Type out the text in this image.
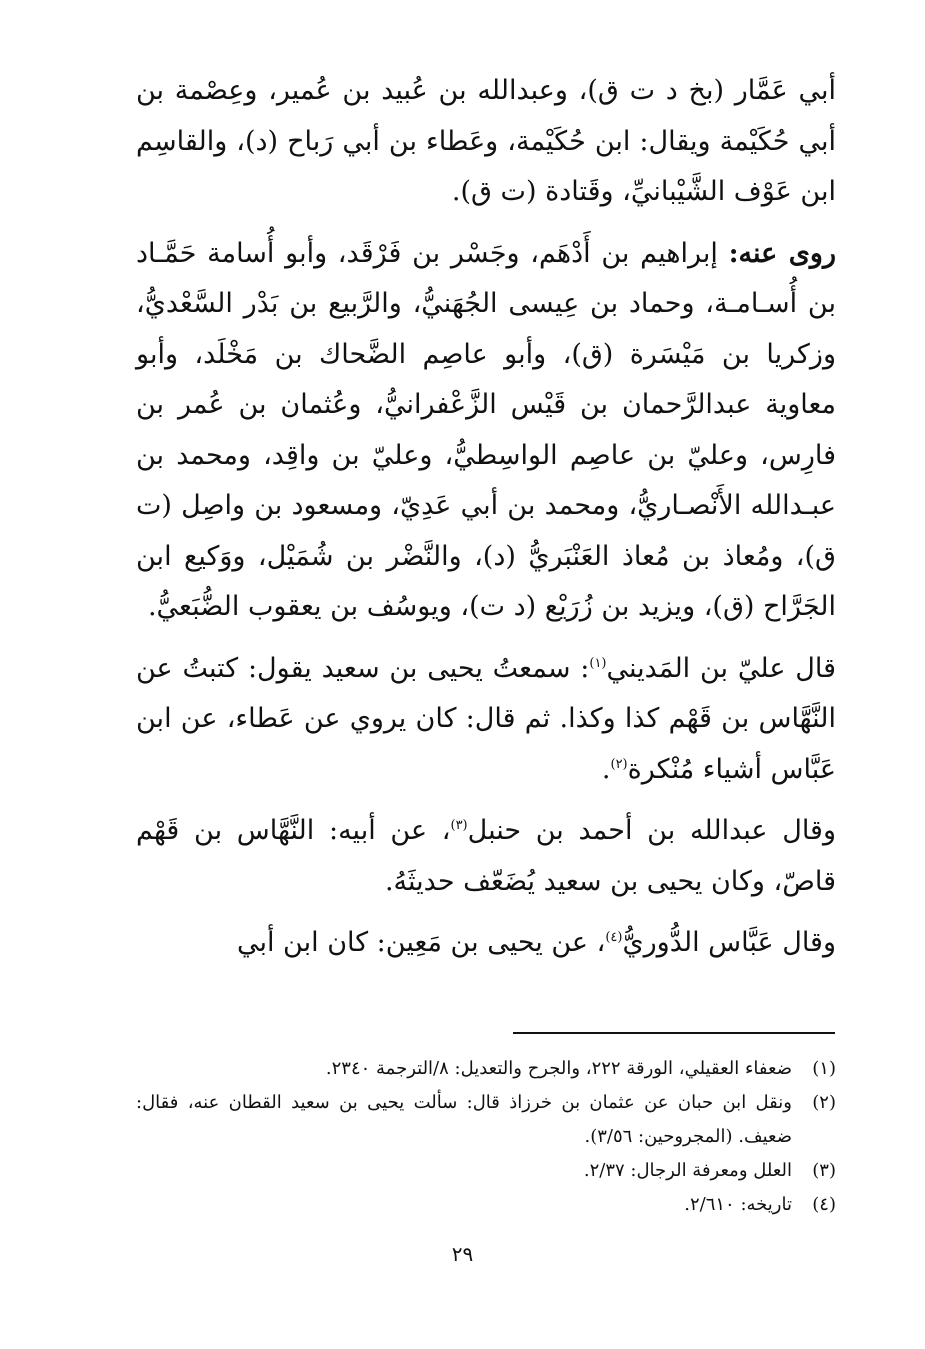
أبي عَمَّار (بخ د ت ق)، وعبدالله بن عُبيد بن عُمير، وعِصْمة بن أبي حُكَيْمة ويقال: ابن حُكَيْمة، وعَطاء بن أبي رَباح (د)، والقاسِم ابن عَوْف الشَّيْبانيِّ، وقَتادة (ت ق).

روى عنه: إبراهيم بن أَدْهَم، وجَسْر بن فَرْقَد، وأبو أُسامة حَمَّـاد بن أُسـامـة، وحماد بن عِيسى الجُهَنيُّ، والرَّبيع بن بَدْر السَّعْديُّ، وزكريا بن مَيْسَرة (ق)، وأبو عاصِم الضَّحاك بن مَخْلَد، وأبو معاوية عبدالرَّحمان بن قَيْس الزَّعْفرانيُّ، وعُثمان بن عُمر بن فارِس، وعليّ بن عاصِم الواسِطيُّ، وعليّ بن واقِد، ومحمد بن عبـدالله الأَنْصـاريُّ، ومحمد بن أبي عَدِيّ، ومسعود بن واصِل (ت ق)، ومُعاذ بن مُعاذ العَنْبَريُّ (د)، والنَّضْر بن شُمَيْل، ووَكيع ابن الجَرَّاح (ق)، ويزيد بن زُرَيْع (د ت)، ويوسُف بن يعقوب الضُّبَعيُّ.

قال عليّ بن المَديني$^{(١)}$: سمعتُ يحيى بن سعيد يقول: كتبتُ عن النَّهَّاس بن قَهْم كذا وكذا. ثم قال: كان يروي عن عَطاء، عن ابن عَبَّاس أشياء مُنْكرة$^{(٢)}$.

وقال عبدالله بن أحمد بن حنبل$^{(٣)}$، عن أبيه: النَّهَّاس بن قَهْم قاصّ، وكان يحيى بن سعيد يُضَعّف حديثَهُ.

وقال عَبَّاس الدُّوريُّ$^{(٤)}$، عن يحيى بن مَعِين: كان ابن أبي

(١)
ضعفاء العقيلي، الورقة ٢٢٢، والجرح والتعديل: ٨/الترجمة ٢٣٤٠.
(٢)
ونقل ابن حبان عن عثمان بن خرزاذ قال: سألت يحيى بن سعيد القطان عنه، فقال: ضعيف. (المجروحين: ٣/٥٦).
(٣)
العلل ومعرفة الرجال: ٢/٣٧.
(٤)
تاريخه: ٢/٦١٠.
٢٩
